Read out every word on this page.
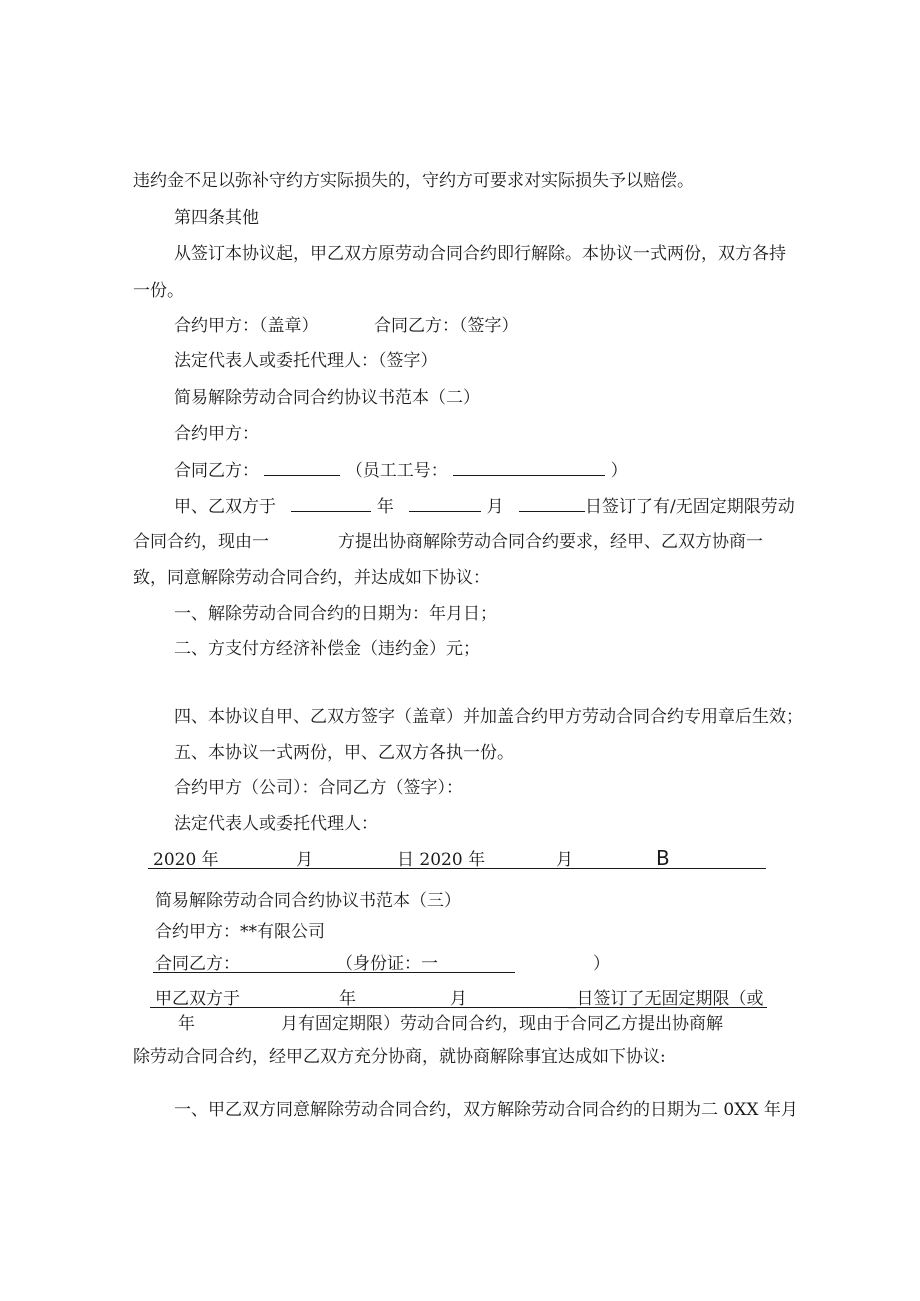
违约金不足以弥补守约方实际损失的，守约方可要求对实际损失予以赔偿。
第四条其他
从签订本协议起，甲乙双方原劳动合同合约即行解除。本协议一式两份，双方各持
一份。
合约甲方：（盖章）	合同乙方：（签字）
法定代表人或委托代理人：（签字）
简易解除劳动合同合约协议书范本（二）
合约甲方：
合同乙方：	（员工工号：	）
甲、乙双方于	年	月	日签订了有/无固定期限劳动
合同合约，现由一	方提出协商解除劳动合同合约要求，经甲、乙双方协商一
致，同意解除劳动合同合约，并达成如下协议：
一、解除劳动合同合约的日期为：年月日；
二、方支付方经济补偿金（违约金）元；
四、本协议自甲、乙双方签字（盖章）并加盖合约甲方劳动合同合约专用章后生效；
五、本协议一式两份，甲、乙双方各执一份。
合约甲方（公司）：合同乙方（签字）：
法定代表人或委托代理人：
2020 年	月	日 2020 年	月	B
简易解除劳动合同合约协议书范本（三）
合约甲方：**有限公司
合同乙方：	（身份证：一	）
甲乙双方于	年	月	_日签订了无固定期限（或
年	月有固定期限）劳动合同合约，现由于合同乙方提出协商解
除劳动合同合约，经甲乙双方充分协商，就协商解除事宜达成如下协议:
一、甲乙双方同意解除劳动合同合约，双方解除劳动合同合约的日期为二 0XX 年月
